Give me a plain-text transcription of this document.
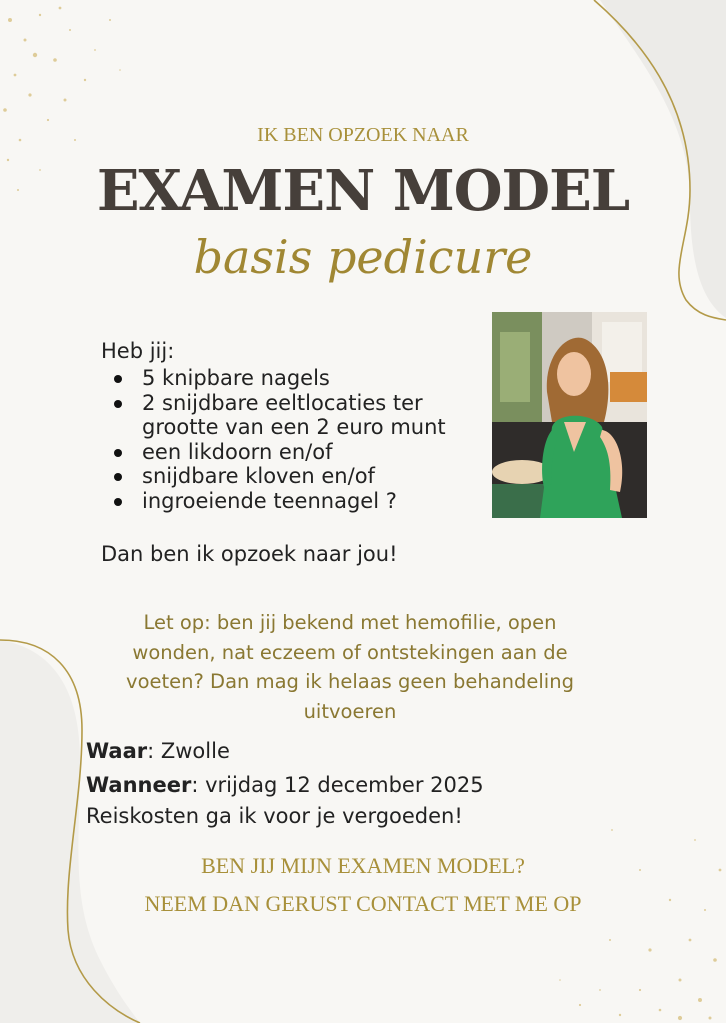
IK BEN OPZOEK NAAR
EXAMEN MODEL
basis pedicure
Heb jij:
5 knipbare nagels
2 snijdbare eeltlocaties ter grootte van een 2 euro munt
een likdoorn en/of
snijdbare kloven en/of
ingroeiende teennagel ?
Dan ben ik opzoek naar jou!
Let op: ben jij bekend met hemofilie, open wonden, nat eczeem of ontstekingen aan de voeten? Dan mag ik helaas geen behandeling uitvoeren
Waar: Zwolle
Wanneer: vrijdag 12 december 2025
Reiskosten ga ik voor je vergoeden!
BEN JIJ MIJN EXAMEN MODEL?
NEEM DAN GERUST CONTACT MET ME OP
